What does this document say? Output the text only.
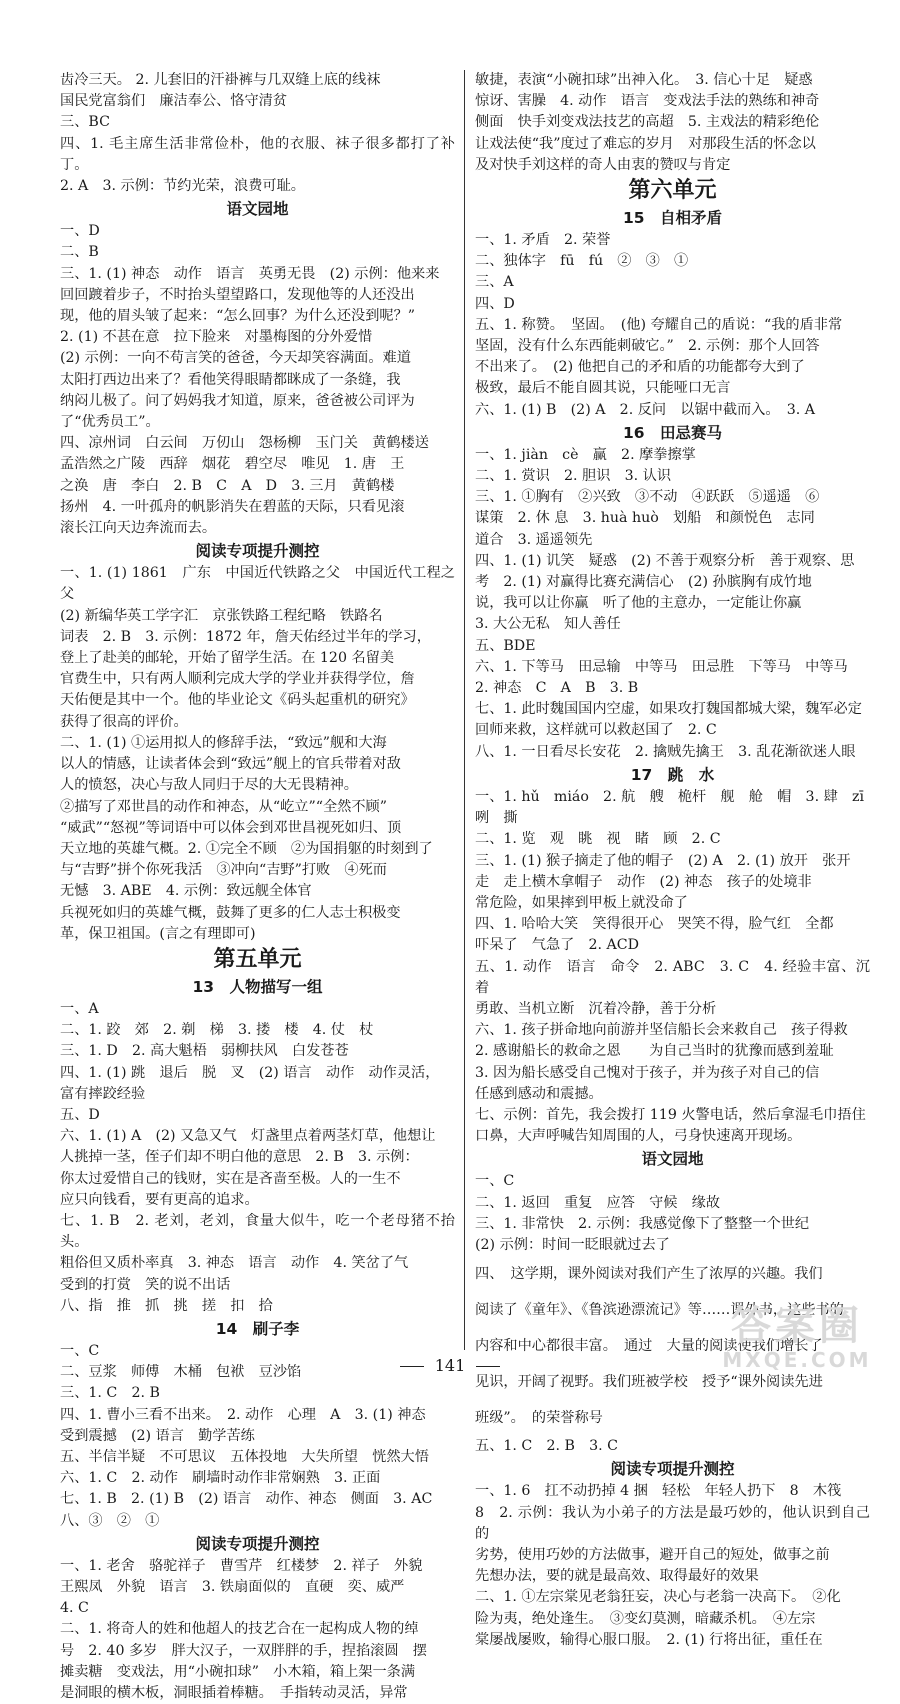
齿冷三天。 2. 儿套旧的汗褂裤与几双缝上底的线袜

国民党富翁们　廉洁奉公、恪守清贫

三、BC

四、1. 毛主席生活非常俭朴，他的衣服、袜子很多都打了补丁。

2. A　3. 示例：节约光荣，浪费可耻。

语文园地

一、D

二、B

三、1. (1) 神态　动作　语言　英勇无畏　(2) 示例：他来来

回回踱着步子，不时抬头望望路口，发现他等的人还没出

现，他的眉头皱了起来：“怎么回事？为什么还没到呢？”

2. (1) 不甚在意　拉下脸来　对墨梅图的分外爱惜

(2) 示例：一向不苟言笑的爸爸，今天却笑容满面。难道

太阳打西边出来了？看他笑得眼睛都眯成了一条缝，我

纳闷儿极了。问了妈妈我才知道，原来，爸爸被公司评为

了“优秀员工”。

四、凉州词　白云间　万仞山　怨杨柳　玉门关　黄鹤楼送

孟浩然之广陵　西辞　烟花　碧空尽　唯见　1. 唐　王

之涣　唐　李白　2. B　C　A　D　3. 三月　黄鹤楼

扬州　4. 一叶孤舟的帆影消失在碧蓝的天际，只看见滚

滚长江向天边奔流而去。

阅读专项提升测控

一、1. (1) 1861　广东　中国近代铁路之父　中国近代工程之父

(2) 新编华英工学字汇　京张铁路工程纪略　铁路名

词表　2. B　3. 示例：1872 年，詹天佑经过半年的学习，

登上了赴美的邮轮，开始了留学生活。在 120 名留美

官费生中，只有两人顺利完成大学的学业并获得学位，詹

天佑便是其中一个。他的毕业论文《码头起重机的研究》

获得了很高的评价。

二、1. (1) ①运用拟人的修辞手法，“致远”舰和大海

以人的情感，让读者体会到“致远”舰上的官兵带着对敌

人的愤怒，决心与敌人同归于尽的大无畏精神。

②描写了邓世昌的动作和神态，从“屹立”“全然不顾”

“威武”“怒视”等词语中可以体会到邓世昌视死如归、顶

天立地的英雄气概。2. ①完全不顾　②为国捐躯的时刻到了

与“吉野”拼个你死我活　③冲向“吉野”打败　④死而

无憾　3. ABE　4. 示例：致远舰全体官

兵视死如归的英雄气概，鼓舞了更多的仁人志士积极变

革，保卫祖国。(言之有理即可)

第五单元

13　人物描写一组

一、A

二、1. 跤　郊　2. 剃　梯　3. 搂　楼　4. 仗　杖

三、1. D　2. 高大魁梧　弱柳扶风　白发苍苍

四、1. (1) 跳　退后　脱　叉　(2) 语言　动作　动作灵活，

富有摔跤经验

五、D

六、1. (1) A　(2) 又急又气　灯盏里点着两茎灯草，他想让

人挑掉一茎，侄子们却不明白他的意思　2. B　3. 示例：

你太过爱惜自己的钱财，实在是吝啬至极。人的一生不

应只向钱看，要有更高的追求。

七、1. B　2. 老刘，老刘，食量大似牛，吃一个老母猪不抬头。

粗俗但又质朴率真　3. 神态　语言　动作　4. 笑岔了气

受到的打赏　笑的说不出话

八、指　推　抓　挑　搓　扣　拾

14　刷子李

一、C

二、豆浆　师傅　木桶　包袱　豆沙馅

三、1. C　2. B

四、1. 曹小三看不出来。　2. 动作　心理　A　3. (1) 神态

受到震撼　(2) 语言　勤学苦练

五、半信半疑　不可思议　五体投地　大失所望　恍然大悟

六、1. C　2. 动作　刷墙时动作非常娴熟　3. 正面

七、1. B　2. (1) B　(2) 语言　动作、神态　侧面　3. AC

八、③　②　①

阅读专项提升测控

一、1. 老舍　骆驼祥子　曹雪芹　红楼梦　2. 祥子　外貌

王熙凤　外貌　语言　3. 铁扇面似的　直硬　奕、威严

4. C

二、1. 将奇人的姓和他超人的技艺合在一起构成人物的绰

号　2. 40 多岁　胖大汉子，一双胖胖的手，捏掐滚圆　摆

摊卖糖　变戏法，用“小碗扣球”　小木箱，箱上架一条满

是洞眼的横木板，洞眼插着棒糖。　手指转动灵活，异常

敏捷，表演“小碗扣球”出神入化。　3. 信心十足　疑惑

惊讶、害臊　4. 动作　语言　变戏法手法的熟练和神奇

侧面　快手刘变戏法技艺的高超　5. 主戏法的精彩绝伦

让戏法使“我”度过了难忘的岁月　对那段生活的怀念以

及对快手刘这样的奇人由衷的赞叹与肯定

第六单元

15　自相矛盾

一、1. 矛盾　2. 荣誉

二、独体字　fū　fú　②　③　①

三、A

四、D

五、1. 称赞。　坚固。　(他) 夸耀自己的盾说：“我的盾非常

坚固，没有什么东西能刺破它。”　2. 示例：那个人回答

不出来了。　(2) 他把自己的矛和盾的功能都夸大到了

极致，最后不能自圆其说，只能哑口无言

六、1. (1) B　(2) A　2. 反问　以锯中截而入。　3. A

16　田忌赛马

一、1. jiàn　cè　赢　2. 摩拳擦掌

二、1. 赏识　2. 胆识　3. 认识

三、1. ①胸有　②兴致　③不动　④跃跃　⑤遥遥　⑥

谋策　2. 休 息　3. huà huò　划船　和颜悦色　志同

道合　3. 遥遥领先

四、1. (1) 讥笑　疑惑　(2) 不善于观察分析　善于观察、思

考　2. (1) 对赢得比赛充满信心　(2) 孙膑胸有成竹地

说，我可以让你赢　听了他的主意办，一定能让你赢

3. 大公无私　知人善任

五、BDE

六、1. 下等马　田忌输　中等马　田忌胜　下等马　中等马

2. 神态　C　A　B　3. B

七、1. 此时魏国国内空虚，如果攻打魏国都城大梁，魏军必定

回师来救，这样就可以救赵国了　2. C

八、1. 一日看尽长安花　2. 擒贼先擒王　3. 乱花渐欲迷人眼

17　跳　水

一、1. hǔ　miáo　2. 航　艘　桅杆　舰　舱　帽　3. 肆　zī

咧　撕

二、1. 览　观　眺　视　睹　顾　2. C

三、1. (1) 猴子摘走了他的帽子　(2) A　2. (1) 放开　张开

走　走上横木拿帽子　动作　(2) 神态　孩子的处境非

常危险，如果摔到甲板上就没命了

四、1. 哈哈大笑　笑得很开心　哭笑不得，脸气红　全都

吓呆了　气急了　2. ACD

五、1. 动作　语言　命令　2. ABC　3. C　4. 经验丰富、沉着

勇敢、当机立断　沉着冷静，善于分析

六、1. 孩子拼命地向前游并坚信船长会来救自己　孩子得救

2. 感谢船长的救命之恩　　为自己当时的犹豫而感到羞耻

3. 因为船长感受自己愧对于孩子，并为孩子对自己的信

任感到感动和震撼。

七、示例：首先，我会拨打 119 火警电话，然后拿湿毛巾捂住

口鼻，大声呼喊告知周围的人，弓身快速离开现场。

语文园地

一、C

二、1. 返回　重复　应答　守候　缘故

三、1. 非常快　2. 示例：我感觉像下了整整一个世纪

(2) 示例：时间一眨眼就过去了

四、　这学期，课外阅读对我们产生了浓厚的兴趣。我们

阅读了《童年》、《鲁滨逊漂流记》等……课外书，这些书的

内容和中心都很丰富。　通过　大量的阅读使我们增长了

见识，开阔了视野。我们班被学校　授予“课外阅读先进

班级”。　的荣誉称号

五、1. C　2. B　3. C

阅读专项提升测控

一、1. 6　扛不动扔掉 4 捆　轻松　年轻人扔下　8　木筏

8　2. 示例：我认为小弟子的方法是最巧妙的，他认识到自己的

劣势，使用巧妙的方法做事，避开自己的短处，做事之前

先想办法，要的就是最高效、取得最好的效果

二、1. ①左宗棠见老翁狂妄，决心与老翁一决高下。　②化

险为夷，绝处逢生。　③变幻莫测，暗藏杀机。　④左宗

棠屡战屡败，输得心服口服。　2. (1) 行将出征，重任在

141
答案圈
MXQE.COM
